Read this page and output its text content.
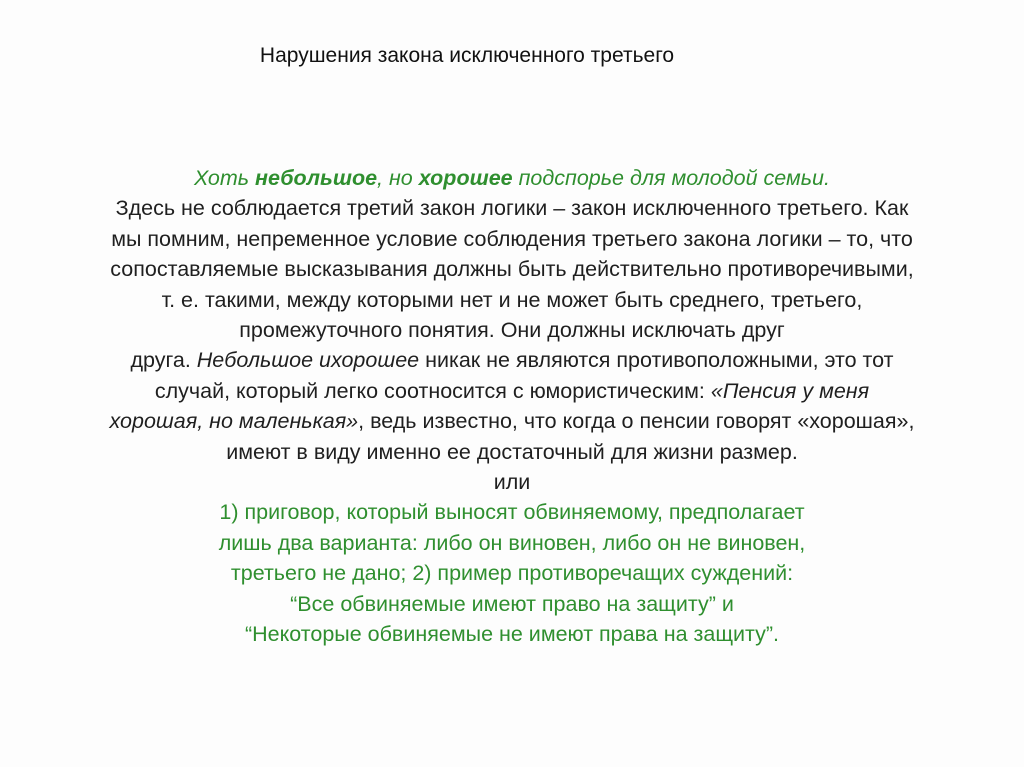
Нарушения закона исключенного третьего
Хоть небольшое, но хорошее подспорье для молодой семьи.
Здесь не соблюдается третий закон логики – закон исключенного третьего. Как
мы помним, непременное условие соблюдения третьего закона логики – то, что
сопоставляемые высказывания должны быть действительно противоречивыми,
т. е. такими, между которыми нет и не может быть среднего, третьего,
промежуточного понятия. Они должны исключать друг
друга. Небольшое ихорошее никак не являются противоположными, это тот
случай, который легко соотносится с юмористическим: «Пенсия у меня
хорошая, но маленькая», ведь известно, что когда о пенсии говорят «хорошая»,
имеют в виду именно ее достаточный для жизни размер.
или
1) приговор, который выносят обвиняемому, предполагает
лишь два варианта: либо он виновен, либо он не виновен,
третьего не дано; 2) пример противоречащих суждений:
“Все обвиняемые имеют право на защиту” и
“Некоторые обвиняемые не имеют права на защиту”.
